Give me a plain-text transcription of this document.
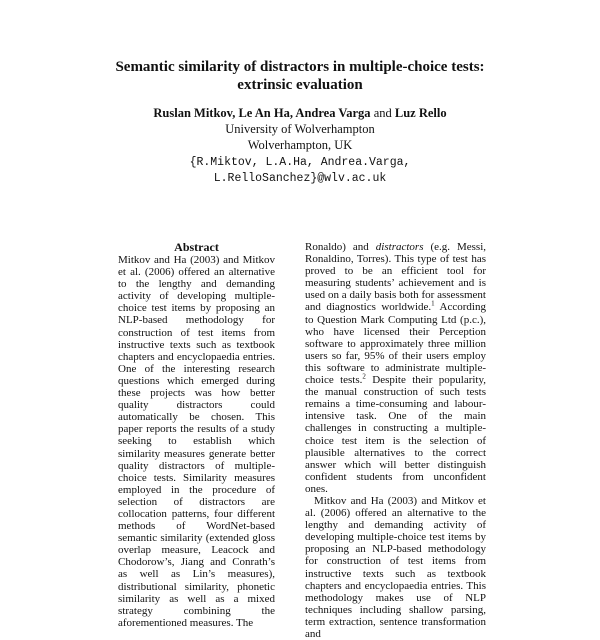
Semantic similarity of distractors in multiple-choice tests:
extrinsic evaluation
Ruslan Mitkov, Le An Ha, Andrea Varga and Luz Rello
University of Wolverhampton
Wolverhampton, UK
{R.Miktov, L.A.Ha, Andrea.Varga,
L.RelloSanchez}@wlv.ac.uk
Abstract

Mitkov and Ha (2003) and Mitkov et al. (2006) offered an alternative to the lengthy and demanding activity of developing multiple-choice test items by proposing an NLP-based methodology for construction of test items from instructive texts such as textbook chapters and encyclopaedia entries. One of the interesting research questions which emerged during these projects was how better quality distractors could automatically be chosen. This paper reports the results of a study seeking to establish which similarity measures generate better quality distractors of multiple-choice tests. Similarity measures employed in the procedure of selection of distractors are collocation patterns, four different methods of WordNet-based semantic similarity (extended gloss overlap measure, Leacock and Chodorow’s, Jiang and Conrath’s as well as Lin’s measures), distributional similarity, phonetic similarity as well as a mixed strategy combining the aforementioned measures. The

Ronaldo) and distractors (e.g. Messi, Ronaldino, Torres). This type of test has proved to be an efficient tool for measuring students’ achievement and is used on a daily basis both for assessment and diagnostics worldwide.$^1$ According to Question Mark Computing Ltd (p.c.), who have licensed their Perception software to approximately three million users so far, 95% of their users employ this software to administrate multiple-choice tests.$^2$ Despite their popularity, the manual construction of such tests remains a time-consuming and labour-intensive task. One of the main challenges in constructing a multiple-choice test item is the selection of plausible alternatives to the correct answer which will better distinguish confident students from unconfident ones.

Mitkov and Ha (2003) and Mitkov et al. (2006) offered an alternative to the lengthy and demanding activity of developing multiple-choice test items by proposing an NLP-based methodology for construction of test items from instructive texts such as textbook chapters and encyclopaedia entries. This methodology makes use of NLP techniques including shallow parsing, term extraction, sentence transformation and
